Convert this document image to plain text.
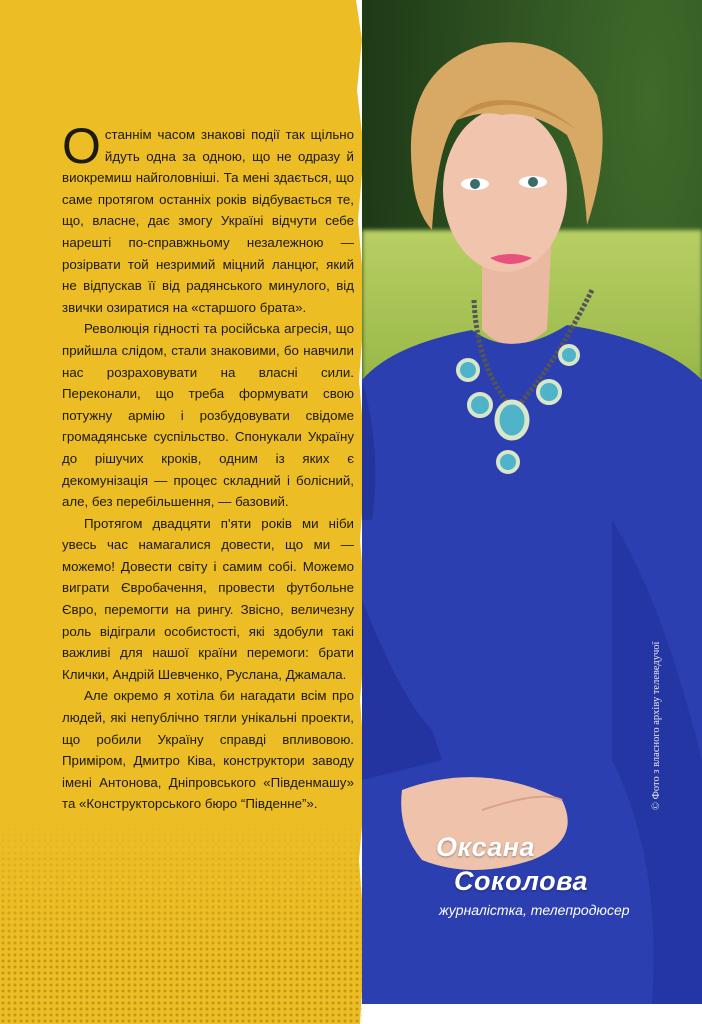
Останнім часом знакові події так щільно йдуть одна за одною, що не одразу й виокремиш найголовніші. Та мені здається, що саме протягом останніх років відбувається те, що, власне, дає змогу Україні відчути себе нарешті по-справжньому незалежною — розірвати той незримий міцний ланцюг, який не відпускав її від радянського минулого, від звички озиратися на «старшого брата».

Революція гідності та російська агресія, що прийшла слідом, стали знаковими, бо навчили нас розраховувати на власні сили. Переконали, що треба формувати свою потужну армію і розбудовувати свідоме громадянське суспільство. Спонукали Україну до рішучих кроків, одним із яких є декомунізація — процес складний і болісний, але, без перебільшення, — базовий.

Протягом двадцяти п'яти років ми ніби увесь час намагалися довести, що ми — можемо! Довести світу і самим собі. Можемо виграти Євробачення, провести футбольне Євро, перемогти на рингу. Звісно, величезну роль відіграли особистості, які здобули такі важливі для нашої країни перемоги: брати Клички, Андрій Шевченко, Руслана, Джамала.

Але окремо я хотіла би нагадати всім про людей, які непублічно тягли унікальні проекти, що робили Україну справді впливовою. Приміром, Дмитро Ківа, конструктори заводу імені Антонова, Дніпровського «Південмашу» та «Конструкторського бюро “Південне”».

Оксана
Соколова
журналістка, телепродюсер
© Фото з власного архіву телеведучої
